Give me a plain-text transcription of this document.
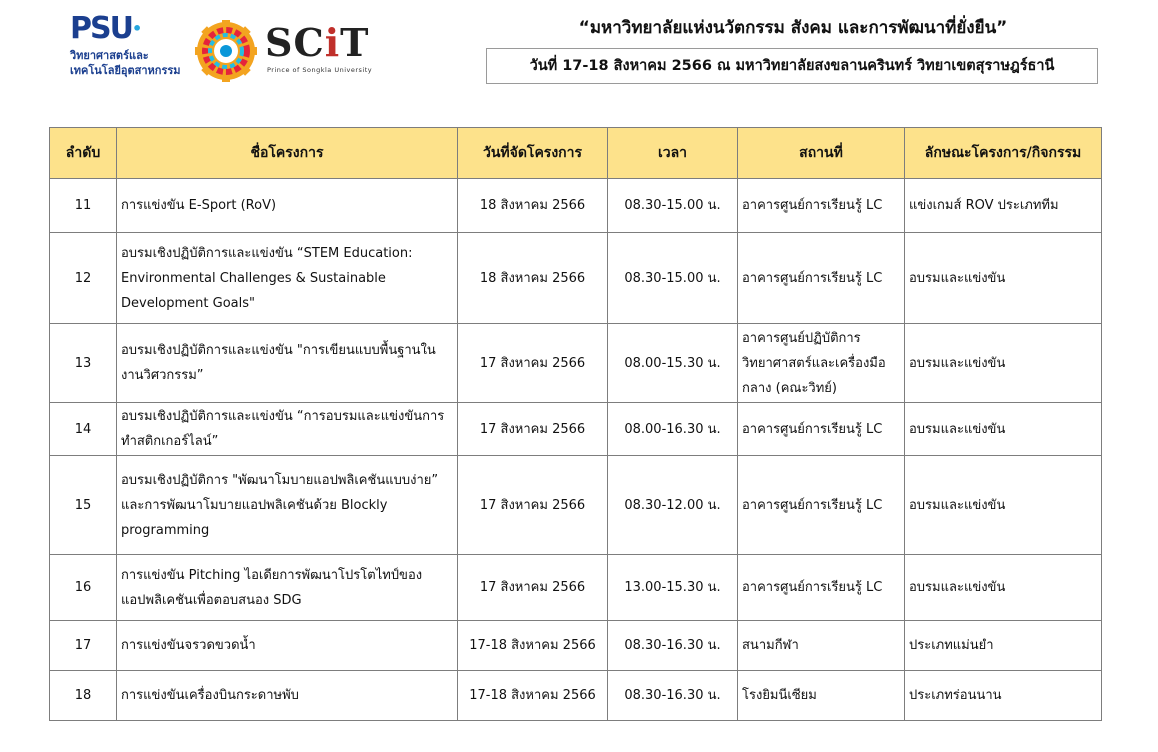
PSU•
วิทยาศาสตร์และ
เทคโนโลยีอุตสาหกรรม
SCiT
Prince of Songkla University
“มหาวิทยาลัยแห่งนวัตกรรม สังคม และการพัฒนาที่ยั่งยืน”
วันที่ 17-18 สิงหาคม 2566 ณ มหาวิทยาลัยสงขลานครินทร์ วิทยาเขตสุราษฎร์ธานี
ลำดับ	ชื่อโครงการ	วันที่จัดโครงการ	เวลา	สถานที่	ลักษณะโครงการ/กิจกรรม
11	การแข่งขัน E-Sport (RoV)	18 สิงหาคม 2566	08.30-15.00 น.	อาคารศูนย์การเรียนรู้ LC	แข่งเกมส์ ROV ประเภททีม
12	อบรมเชิงปฏิบัติการและแข่งขัน “STEM Education: Environmental Challenges & Sustainable Development Goals"	18 สิงหาคม 2566	08.30-15.00 น.	อาคารศูนย์การเรียนรู้ LC	อบรมและแข่งขัน
13	อบรมเชิงปฏิบัติการและแข่งขัน "การเขียนแบบพื้นฐานในงานวิศวกรรม”	17 สิงหาคม 2566	08.00-15.30 น.	อาคารศูนย์ปฏิบัติการวิทยาศาสตร์และเครื่องมือกลาง (คณะวิทย์)	อบรมและแข่งขัน
14	อบรมเชิงปฏิบัติการและแข่งขัน “การอบรมและแข่งขันการทำสติกเกอร์ไลน์”	17 สิงหาคม 2566	08.00-16.30 น.	อาคารศูนย์การเรียนรู้ LC	อบรมและแข่งขัน
15	อบรมเชิงปฏิบัติการ "พัฒนาโมบายแอปพลิเคชันแบบง่าย” และการพัฒนาโมบายแอปพลิเคชันด้วย Blockly programming	17 สิงหาคม 2566	08.30-12.00 น.	อาคารศูนย์การเรียนรู้ LC	อบรมและแข่งขัน
16	การแข่งขัน Pitching ไอเดียการพัฒนาโปรโตไทป์ของแอปพลิเคชันเพื่อตอบสนอง SDG	17 สิงหาคม 2566	13.00-15.30 น.	อาคารศูนย์การเรียนรู้ LC	อบรมและแข่งขัน
17	การแข่งขันจรวดขวดน้ำ	17-18 สิงหาคม 2566	08.30-16.30 น.	สนามกีฬา	ประเภทแม่นยำ
18	การแข่งขันเครื่องบินกระดาษพับ	17-18 สิงหาคม 2566	08.30-16.30 น.	โรงยิมนีเซียม	ประเภทร่อนนาน
